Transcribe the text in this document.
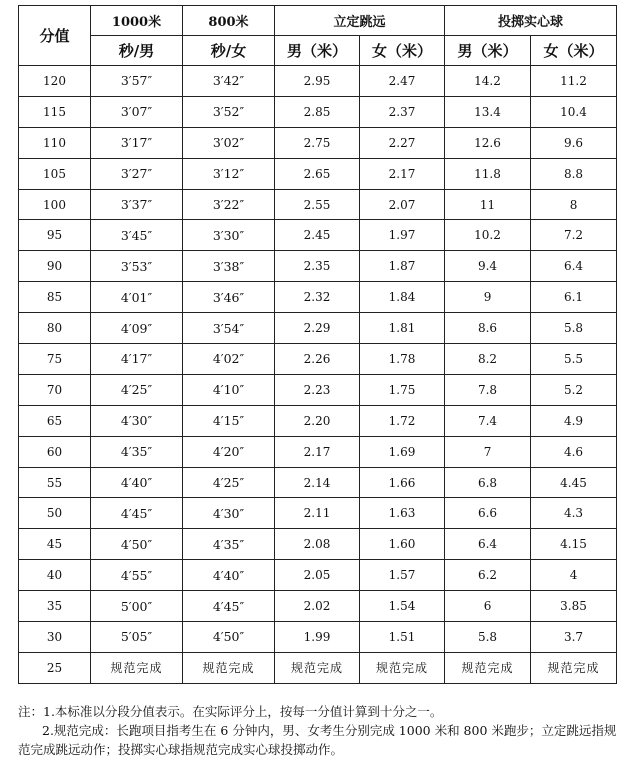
分值	1000米	800米	立定跳远		投掷实心球	
	秒/男	秒/女	男（米）	女（米）	男（米）	女（米）
120	3′57″	3′42″	2.95	2.47	14.2	11.2
115	3′07″	3′52″	2.85	2.37	13.4	10.4
110	3′17″	3′02″	2.75	2.27	12.6	9.6
105	3′27″	3′12″	2.65	2.17	11.8	8.8
100	3′37″	3′22″	2.55	2.07	11	8
95	3′45″	3′30″	2.45	1.97	10.2	7.2
90	3′53″	3′38″	2.35	1.87	9.4	6.4
85	4′01″	3′46″	2.32	1.84	9	6.1
80	4′09″	3′54″	2.29	1.81	8.6	5.8
75	4′17″	4′02″	2.26	1.78	8.2	5.5
70	4′25″	4′10″	2.23	1.75	7.8	5.2
65	4′30″	4′15″	2.20	1.72	7.4	4.9
60	4′35″	4′20″	2.17	1.69	7	4.6
55	4′40″	4′25″	2.14	1.66	6.8	4.45
50	4′45″	4′30″	2.11	1.63	6.6	4.3
45	4′50″	4′35″	2.08	1.60	6.4	4.15
40	4′55″	4′40″	2.05	1.57	6.2	4
35	5′00″	4′45″	2.02	1.54	6	3.85
30	5′05″	4′50″	1.99	1.51	5.8	3.7
25	规范完成	规范完成	规范完成	规范完成	规范完成	规范完成

注：1.本标准以分段分值表示。在实际评分上，按每一分值计算到十分之一。

2.规范完成：长跑项目指考生在 6 分钟内，男、女考生分别完成 1000 米和 800 米跑步；立定跳远指规范完成跳远动作；投掷实心球指规范完成实心球投掷动作。
